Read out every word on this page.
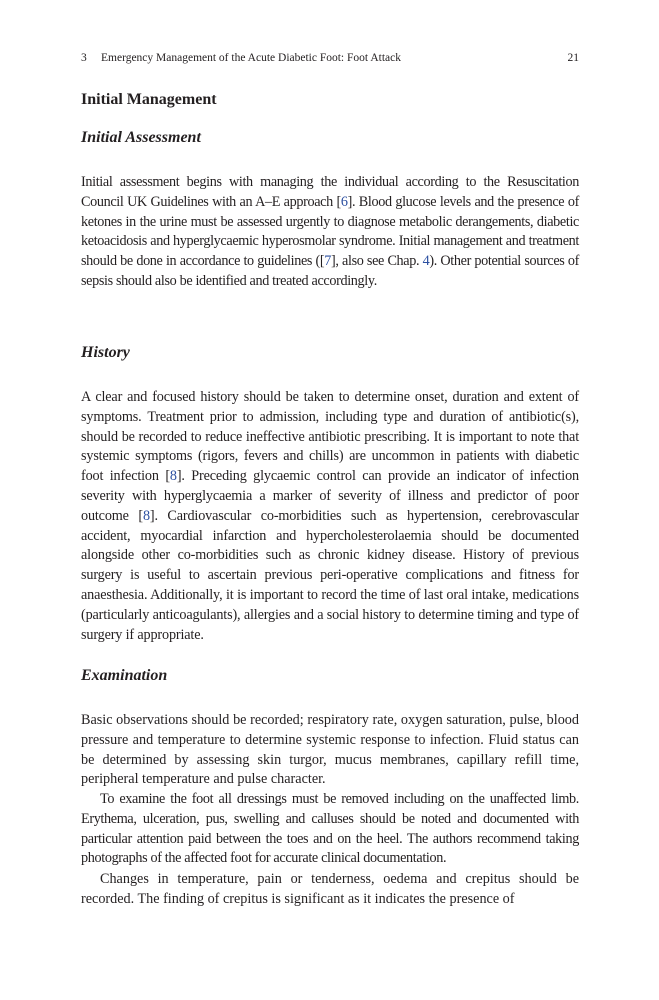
3 Emergency Management of the Acute Diabetic Foot: Foot Attack	21
Initial Management
Initial Assessment

Initial assessment begins with managing the individual according to the Resuscitation Council UK Guidelines with an A–E approach [6]. Blood glucose levels and the presence of ketones in the urine must be assessed urgently to diagnose metabolic derangements, diabetic ketoacidosis and hyperglycaemic hyperosmolar syndrome. Initial management and treatment should be done in accordance to guidelines ([7], also see Chap. 4). Other potential sources of sepsis should also be identified and treated accordingly.

History

A clear and focused history should be taken to determine onset, duration and extent of symptoms. Treatment prior to admission, including type and duration of antibiotic(s), should be recorded to reduce ineffective antibiotic prescribing. It is important to note that systemic symptoms (rigors, fevers and chills) are uncommon in patients with diabetic foot infection [8]. Preceding glycaemic control can provide an indicator of infection severity with hyperglycaemia a marker of severity of illness and predictor of poor outcome [8]. Cardiovascular co-morbidities such as hypertension, cerebrovascular accident, myocardial infarction and hypercholesterolaemia should be documented alongside other co-morbidities such as chronic kidney disease. History of previous surgery is useful to ascertain previous peri-operative complications and fitness for anaesthesia. Additionally, it is important to record the time of last oral intake, medications (particularly anticoagulants), allergies and a social history to determine timing and type of surgery if appropriate.

Examination

Basic observations should be recorded; respiratory rate, oxygen saturation, pulse, blood pressure and temperature to determine systemic response to infection. Fluid status can be determined by assessing skin turgor, mucus membranes, capillary refill time, peripheral temperature and pulse character.

To examine the foot all dressings must be removed including on the unaffected limb. Erythema, ulceration, pus, swelling and calluses should be noted and documented with particular attention paid between the toes and on the heel. The authors recommend taking photographs of the affected foot for accurate clinical documentation.

Changes in temperature, pain or tenderness, oedema and crepitus should be recorded. The finding of crepitus is significant as it indicates the presence of
